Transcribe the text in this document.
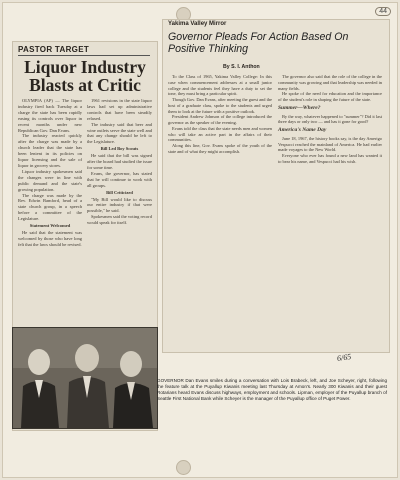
44
PASTOR TARGET
Liquor Industry Blasts at Critic

OLYMPIA (AP) — The liquor industry fired back Tuesday at a charge the state has been rapidly easing its controls over liquor in recent months under new Republican Gov. Dan Evans.

The industry reacted quickly after the charge was made by a church leader that the state has been lenient in its policies on liquor licensing and the sale of liquor in grocery stores.

Liquor industry spokesmen said the changes were in line with public demand and the state's growing population.

The charge was made by the Rev. Edwin Bamford, head of a state church group, in a speech before a committee of the Legislature.

Statement Welcomed

He said that the statement was welcomed by those who have long felt that the laws should be revised.

1961 revisions in the state liquor laws had set up administrative controls that have been steadily relaxed.

The industry said that beer and wine outlets serve the state well and that any change should be left to the Legislature.

Bill Led Boy Scouts

He said that the bill was signed after the board had studied the issue for some time.

Evans, the governor, has stated that he will continue to work with all groups.

Bill Criticized

"My Bill would like to discuss our entire industry if that were possible," he said.

Spokesmen said the voting record would speak for itself.

Yakima Valley Mirror
Governor Pleads For Action Based On Positive Thinking
By S. I. Anthon

To the Class of 1965, Yakima Valley College: In this case when commencement addresses at a small junior college and the students feel they have a duty to set the tone, they must bring a particular spirit.

Though Gov. Dan Evans, after meeting the guest and the host of a graduate class, spoke to the students and urged them to look at the future with a positive outlook.

President Andrew Johnson of the college introduced the governor as the speaker of the evening.

Evans told the class that the state needs men and women who will take an active part in the affairs of their communities.

Along this line, Gov. Evans spoke of the youth of the state and of what they might accomplish.

The governor also said that the role of the college in the community was growing and that leadership was needed in many fields.

He spoke of the need for education and the importance of the student's role in shaping the future of the state.

Summer—Where?

By the way, whatever happened to "summer"? Did it last three days or only two — and has it gone for good?

America's Name Day

June 18, 1967, the history books say, is the day Amerigo Vespucci reached the mainland of America. He had earlier made voyages to the New World.

Everyone who ever has found a new land has wanted it to bear his name, and Vespucci had his wish.

6/65
GOVERNOR Dan Evans smiles during a conversation with Lois Brabeck, left, and Joe Scheyer, right, following the feature talk at the Puyallup Kiwanis meeting last Thursday at Amon's. Nearly 300 Kiwanis and their guest Rotarians heard Evans discuss highways, employment and schools. Lipman, employer of the Puyallup branch of Seattle First National Bank while Scheyer is the manager of the Puyallup office of Puget Power.
